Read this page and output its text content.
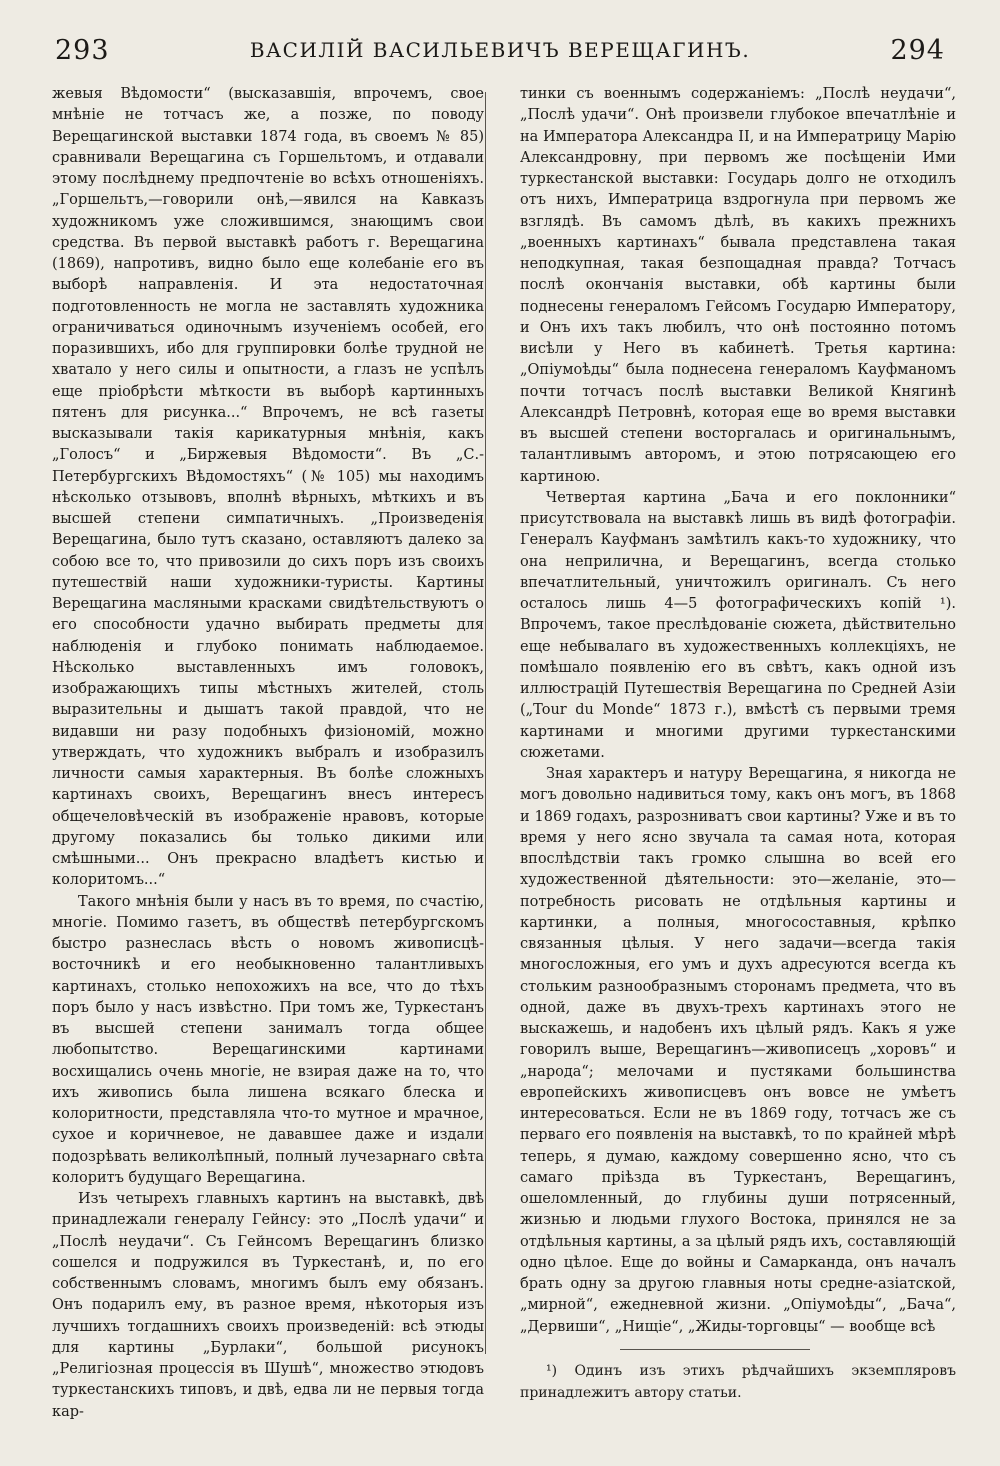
293	ВАСИЛІЙ ВАСИЛЬЕВИЧЪ ВЕРЕЩАГИНЪ.	294

жевыя Вѣдомости“ (высказавшія, впрочемъ, свое мнѣніе не тотчасъ же, а позже, по поводу Верещагинской выставки 1874 года, въ своемъ № 85) сравнивали Верещагина съ Горшельтомъ, и отдавали этому послѣднему предпочтеніе во всѣхъ отношеніяхъ. „Горшельтъ,—говорили онѣ,—явился на Кавказъ художникомъ уже сложившимся, знающимъ свои средства. Въ первой выставкѣ работъ г. Верещагина (1869), напротивъ, видно было еще колебаніе его въ выборѣ направленія. И эта недостаточная подготовленность не могла не заставлять художника ограничиваться одиночнымъ изученіемъ особей, его поразившихъ, ибо для группировки болѣе трудной не хватало у него силы и опытности, а глазъ не успѣлъ еще пріобрѣсти мѣткости въ выборѣ картинныхъ пятенъ для рисунка...“ Впрочемъ, не всѣ газеты высказывали такія карикатурныя мнѣнія, какъ „Голосъ“ и „Биржевыя Вѣдомости“. Въ „С.-Петербургскихъ Вѣдомостяхъ“ (№ 105) мы находимъ нѣсколько отзывовъ, вполнѣ вѣрныхъ, мѣткихъ и въ высшей степени симпатичныхъ. „Произведенія Верещагина, было тутъ сказано, оставляютъ далеко за собою все то, что привозили до сихъ поръ изъ своихъ путешествій наши художники-туристы. Картины Верещагина масляными красками свидѣтельствуютъ о его способности удачно выбирать предметы для наблюденія и глубоко понимать наблюдаемое. Нѣсколько выставленныхъ имъ головокъ, изображающихъ типы мѣстныхъ жителей, столь выразительны и дышатъ такой правдой, что не видавши ни разу подобныхъ физіономій, можно утверждать, что художникъ выбралъ и изобразилъ личности самыя характерныя. Въ болѣе сложныхъ картинахъ своихъ, Верещагинъ внесъ интересъ общечеловѣческій въ изображеніе нравовъ, которые другому показались бы только дикими или смѣшными... Онъ прекрасно владѣетъ кистью и колоритомъ...“

Такого мнѣнія были у насъ въ то время, по счастію, многіе. Помимо газетъ, въ обществѣ петербургскомъ быстро разнеслась вѣсть о новомъ живописцѣ-восточникѣ и его необыкновенно талантливыхъ картинахъ, столько непохожихъ на все, что до тѣхъ поръ было у насъ извѣстно. При томъ же, Туркестанъ въ высшей степени занималъ тогда общее любопытство. Верещагинскими картинами восхищались очень многіе, не взирая даже на то, что ихъ живопись была лишена всякаго блеска и колоритности, представляла что-то мутное и мрачное, сухое и коричневое, не дававшее даже и издали подозрѣвать великолѣпный, полный лучезарнаго свѣта колоритъ будущаго Верещагина.

Изъ четырехъ главныхъ картинъ на выставкѣ, двѣ принадлежали генералу Гейнсу: это „Послѣ удачи“ и „Послѣ неудачи“. Съ Гейнсомъ Верещагинъ близко сошелся и подружился въ Туркестанѣ, и, по его собственнымъ словамъ, многимъ былъ ему обязанъ. Онъ подарилъ ему, въ разное время, нѣкоторыя изъ лучшихъ тогдашнихъ своихъ произведеній: всѣ этюды для картины „Бурлаки“, большой рисунокъ „Религіозная процессія въ Шушѣ“, множество этюдовъ туркестанскихъ типовъ, и двѣ, едва ли не первыя тогда кар-

тинки съ военнымъ содержаніемъ: „Послѣ неудачи“, „Послѣ удачи“. Онѣ произвели глубокое впечатлѣніе и на Императора Александра II, и на Императрицу Марію Александровну, при первомъ же посѣщеніи Ими туркестанской выставки: Государь долго не отходилъ отъ нихъ, Императрица вздрогнула при первомъ же взглядѣ. Въ самомъ дѣлѣ, въ какихъ прежнихъ „военныхъ картинахъ“ бывала представлена такая неподкупная, такая безпощадная правда? Тотчасъ послѣ окончанія выставки, обѣ картины были поднесены генераломъ Гейсомъ Государю Императору, и Онъ ихъ такъ любилъ, что онѣ постоянно потомъ висѣли у Него въ кабинетѣ. Третья картина: „Опіумоѣды“ была поднесена генераломъ Кауфманомъ почти тотчасъ послѣ выставки Великой Княгинѣ Александрѣ Петровнѣ, которая еще во время выставки въ высшей степени восторгалась и оригинальнымъ, талантливымъ авторомъ, и этою потрясающею его картиною.

Четвертая картина „Бача и его поклонники“ присутствовала на выставкѣ лишь въ видѣ фотографіи. Генералъ Кауфманъ замѣтилъ какъ-то художнику, что она неприлична, и Верещагинъ, всегда столько впечатлительный, уничтожилъ оригиналъ. Съ него осталось лишь 4—5 фотографическихъ копій ¹). Впрочемъ, такое преслѣдованіе сюжета, дѣйствительно еще небывалаго въ художественныхъ коллекціяхъ, не помѣшало появленію его въ свѣтъ, какъ одной изъ иллюстрацій Путешествія Верещагина по Средней Азіи („Tour du Monde“ 1873 г.), вмѣстѣ съ первыми тремя картинами и многими другими туркестанскими сюжетами.

Зная характеръ и натуру Верещагина, я никогда не могъ довольно надивиться тому, какъ онъ могъ, въ 1868 и 1869 годахъ, разрозниватъ свои картины? Уже и въ то время у него ясно звучала та самая нота, которая впослѣдствіи такъ громко слышна во всей его художественной дѣятельности: это—желаніе, это—потребность рисовать не отдѣльныя картины и картинки, а полныя, многосоставныя, крѣпко связанныя цѣлыя. У него задачи—всегда такія многосложныя, его умъ и духъ адресуются всегда къ стольким разнообразнымъ сторонамъ предмета, что въ одной, даже въ двухъ-трехъ картинахъ этого не выскажешь, и надобенъ ихъ цѣлый рядъ. Какъ я уже говорилъ выше, Верещагинъ—живописецъ „хоровъ“ и „народа“; мелочами и пустяками большинства европейскихъ живописцевъ онъ вовсе не умѣетъ интересоваться. Если не въ 1869 году, тотчасъ же съ перваго его появленія на выставкѣ, то по крайней мѣрѣ теперь, я думаю, каждому совершенно ясно, что съ самаго пріѣзда въ Туркестанъ, Верещагинъ, ошеломленный, до глубины души потрясенный, жизнью и людьми глухого Востока, принялся не за отдѣльныя картины, а за цѣлый рядъ ихъ, составляющій одно цѣлое. Еще до войны и Самарканда, онъ началъ брать одну за другою главныя ноты средне-азіатской, „мирной“, ежедневной жизни. „Опіумоѣды“, „Бача“, „Дервиши“, „Нищіе“, „Жиды-торговцы“ — вообще всѣ

¹) Одинъ изъ этихъ рѣдчайшихъ экземпляровъ принадлежитъ автору статьи.
